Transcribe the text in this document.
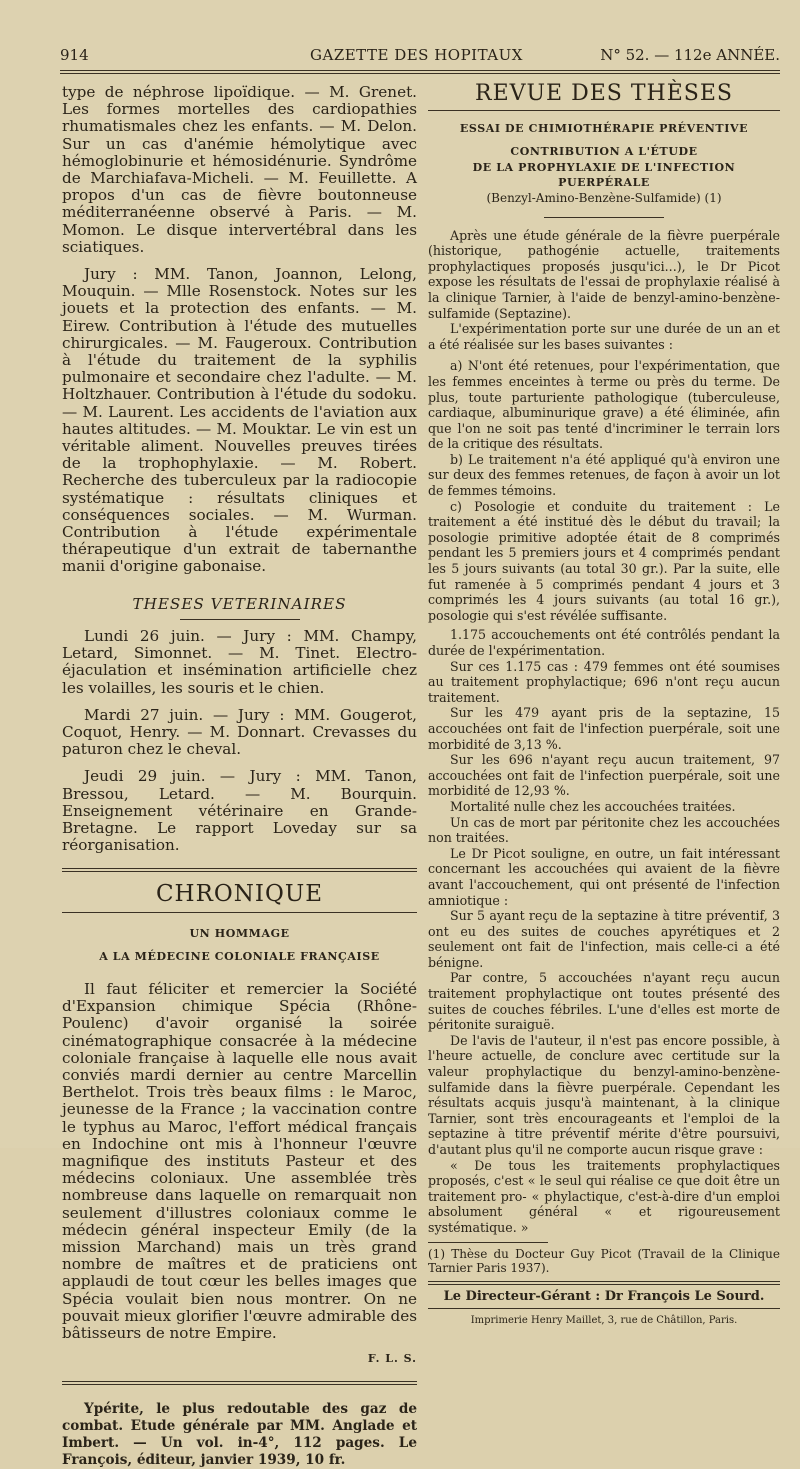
914	GAZETTE DES HOPITAUX	N° 52. — 112e ANNÉE.

type de néphrose lipoïdique. — M. Grenet. Les formes mortelles des cardiopathies rhumatismales chez les enfants. — M. Delon. Sur un cas d'anémie hémolytique avec hémoglobinurie et hémosidénurie. Syndrôme de Marchiafava-Micheli. — M. Feuillette. A propos d'un cas de fièvre boutonneuse méditerranéenne observé à Paris. — M. Momon. Le disque intervertébral dans les sciatiques.

Jury : MM. Tanon, Joannon, Lelong, Mouquin. — Mlle Rosenstock. Notes sur les jouets et la protection des enfants. — M. Eirew. Contribution à l'étude des mutuelles chirurgicales. — M. Faugeroux. Contribution à l'étude du traitement de la syphilis pulmonaire et secondaire chez l'adulte. — M. Holtzhauer. Contribution à l'étude du sodoku. — M. Laurent. Les accidents de l'aviation aux hautes altitudes. — M. Mouktar. Le vin est un véritable aliment. Nouvelles preuves tirées de la trophophylaxie. — M. Robert. Recherche des tuberculeux par la radiocopie systématique : résultats cliniques et conséquences sociales. — M. Wurman. Contribution à l'étude expérimentale thérapeutique d'un extrait de tabernanthe manii d'origine gabonaise.

THESES VETERINAIRES

Lundi 26 juin. — Jury : MM. Champy, Letard, Simonnet. — M. Tinet. Electro-éjaculation et insémination artificielle chez les volailles, les souris et le chien.

Mardi 27 juin. — Jury : MM. Gougerot, Coquot, Henry. — M. Donnart. Crevasses du paturon chez le cheval.

Jeudi 29 juin. — Jury : MM. Tanon, Bressou, Letard. — M. Bourquin. Enseignement vétérinaire en Grande-Bretagne. Le rapport Loveday sur sa réorganisation.

CHRONIQUE

UN HOMMAGE

A LA MÉDECINE COLONIALE FRANÇAISE

Il faut féliciter et remercier la Société d'Expansion chimique Spécia (Rhône-Poulenc) d'avoir organisé la soirée cinématographique consacrée à la médecine coloniale française à laquelle elle nous avait conviés mardi dernier au centre Marcellin Berthelot. Trois très beaux films : le Maroc, jeunesse de la France ; la vaccination contre le typhus au Maroc, l'effort médical français en Indochine ont mis à l'honneur l'œuvre magnifique des instituts Pasteur et des médecins coloniaux. Une assemblée très nombreuse dans laquelle on remarquait non seulement d'illustres coloniaux comme le médecin général inspecteur Emily (de la mission Marchand) mais un très grand nombre de maîtres et de praticiens ont applaudi de tout cœur les belles images que Spécia voulait bien nous montrer. On ne pouvait mieux glorifier l'œuvre admirable des bâtisseurs de notre Empire.

F. L. S.

Ypérite, le plus redoutable des gaz de combat. Etude générale par MM. Anglade et Imbert. — Un vol. in-4°, 112 pages. Le François, éditeur, janvier 1939, 10 fr.

REVUE DES THÈSES

ESSAI DE CHIMIOTHÉRAPIE PRÉVENTIVE

CONTRIBUTION A L'ÉTUDE

DE LA PROPHYLAXIE DE L'INFECTION PUERPÉRALE

(Benzyl-Amino-Benzène-Sulfamide) (1)

Après une étude générale de la fièvre puerpérale (historique, pathogénie actuelle, traitements prophylactiques proposés jusqu'ici...), le Dr Picot expose les résultats de l'essai de prophylaxie réalisé à la clinique Tarnier, à l'aide de benzyl-amino-benzène-sulfamide (Septazine).

L'expérimentation porte sur une durée de un an et a été réalisée sur les bases suivantes :

a) N'ont été retenues, pour l'expérimentation, que les femmes enceintes à terme ou près du terme. De plus, toute parturiente pathologique (tuberculeuse, cardiaque, albuminurique grave) a été éliminée, afin que l'on ne soit pas tenté d'incriminer le terrain lors de la critique des résultats.

b) Le traitement n'a été appliqué qu'à environ une sur deux des femmes retenues, de façon à avoir un lot de femmes témoins.

c) Posologie et conduite du traitement : Le traitement a été institué dès le début du travail; la posologie primitive adoptée était de 8 comprimés pendant les 5 premiers jours et 4 comprimés pendant les 5 jours suivants (au total 30 gr.). Par la suite, elle fut ramenée à 5 comprimés pendant 4 jours et 3 comprimés les 4 jours suivants (au total 16 gr.), posologie qui s'est révélée suffisante.

1.175 accouchements ont été contrôlés pendant la durée de l'expérimentation.

Sur ces 1.175 cas : 479 femmes ont été soumises au traitement prophylactique; 696 n'ont reçu aucun traitement.

Sur les 479 ayant pris de la septazine, 15 accouchées ont fait de l'infection puerpérale, soit une morbidité de 3,13 %.

Sur les 696 n'ayant reçu aucun traitement, 97 accouchées ont fait de l'infection puerpérale, soit une morbidité de 12,93 %.

Mortalité nulle chez les accouchées traitées.

Un cas de mort par péritonite chez les accouchées non traitées.

Le Dr Picot souligne, en outre, un fait intéressant concernant les accouchées qui avaient de la fièvre avant l'accouchement, qui ont présenté de l'infection amniotique :

Sur 5 ayant reçu de la septazine à titre préventif, 3 ont eu des suites de couches apyrétiques et 2 seulement ont fait de l'infection, mais celle-ci a été bénigne.

Par contre, 5 accouchées n'ayant reçu aucun traitement prophylactique ont toutes présenté des suites de couches fébriles. L'une d'elles est morte de péritonite suraiguë.

De l'avis de l'auteur, il n'est pas encore possible, à l'heure actuelle, de conclure avec certitude sur la valeur prophylactique du benzyl-amino-benzène-sulfamide dans la fièvre puerpérale. Cependant les résultats acquis jusqu'à maintenant, à la clinique Tarnier, sont très encourageants et l'emploi de la septazine à titre préventif mérite d'être poursuivi, d'autant plus qu'il ne comporte aucun risque grave :

« De tous les traitements prophylactiques proposés, c'est « le seul qui réalise ce que doit être un traitement pro- « phylactique, c'est-à-dire d'un emploi absolument général « et rigoureusement systématique. »

(1) Thèse du Docteur Guy Picot (Travail de la Clinique Tarnier Paris 1937).

Le Directeur-Gérant : Dr François Le Sourd.

Imprimerie Henry Maillet, 3, rue de Châtillon, Paris.
